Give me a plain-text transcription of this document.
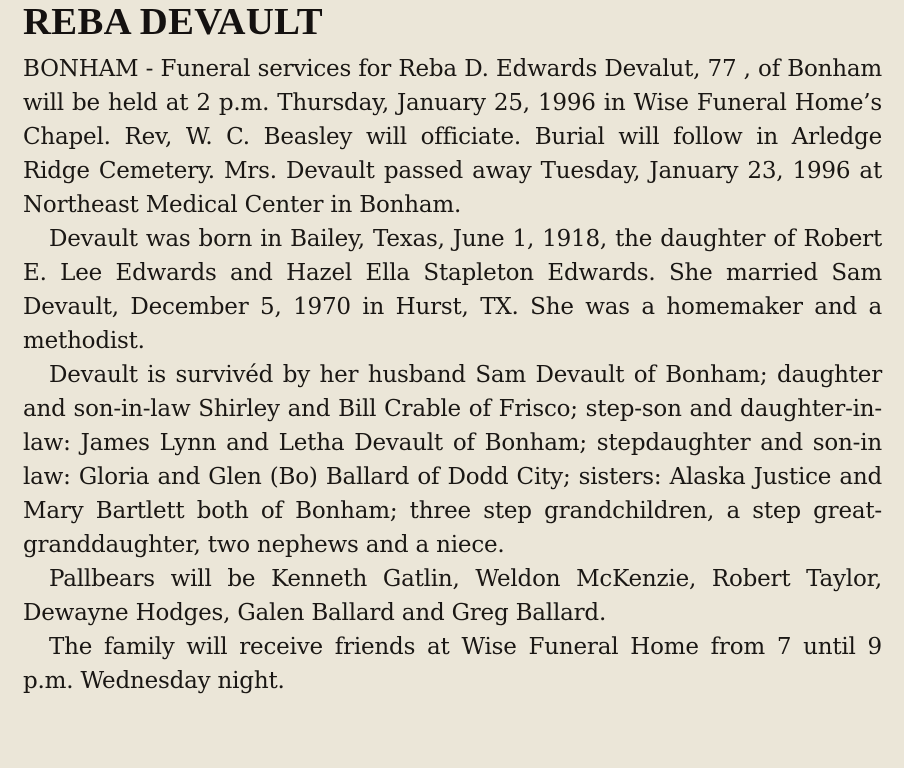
REBA DEVAULT

BONHAM - Funeral services for Reba D. Edwards Devalut, 77 , of Bonham will be held at 2 p.m. Thursday, January 25, 1996 in Wise Funeral Home’s Chapel. Rev, W. C. Beasley will officiate. Burial will follow in Arledge Ridge Cemetery. Mrs. Devault passed away Tuesday, January 23, 1996 at Northeast Medical Center in Bonham.

Devault was born in Bailey, Texas, June 1, 1918, the daughter of Robert E. Lee Edwards and Hazel Ella Stapleton Edwards. She married Sam Devault, December 5, 1970 in Hurst, TX. She was a homemaker and a methodist.

Devault is survivéd by her husband Sam Devault of Bonham; daughter and son-in-law Shirley and Bill Crable of Frisco; step-son and daughter-in-law: James Lynn and Letha Devault of Bonham; stepdaughter and son-in law: Gloria and Glen (Bo) Ballard of Dodd City; sisters: Alaska Justice and Mary Bartlett both of Bonham; three step grandchildren, a step great-granddaughter, two nephews and a niece.

Pallbears will be Kenneth Gatlin, Weldon McKenzie, Robert Taylor, Dewayne Hodges, Galen Ballard and Greg Ballard.

The family will receive friends at Wise Funeral Home from 7 until 9 p.m. Wednesday night.
